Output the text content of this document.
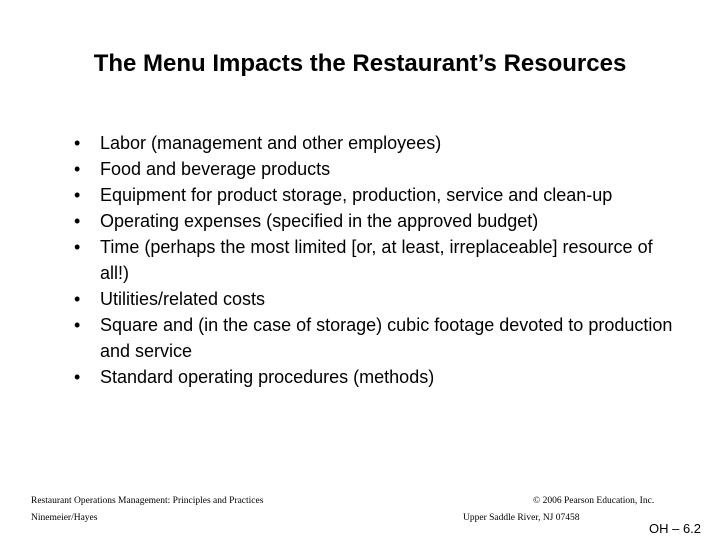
The Menu Impacts the Restaurant’s Resources
• Labor (management and other employees)
• Food and beverage products
• Equipment for product storage, production, service and clean-up
• Operating expenses (specified in the approved budget)
• Time (perhaps the most limited [or, at least, irreplaceable] resource of all!)
• Utilities/related costs
• Square and (in the case of storage) cubic footage devoted to production and service
• Standard operating procedures (methods)
Restaurant Operations Management: Principles and Practices
Ninemeier/Hayes
© 2006 Pearson Education, Inc.
Upper Saddle River, NJ 07458
OH – 6.2
